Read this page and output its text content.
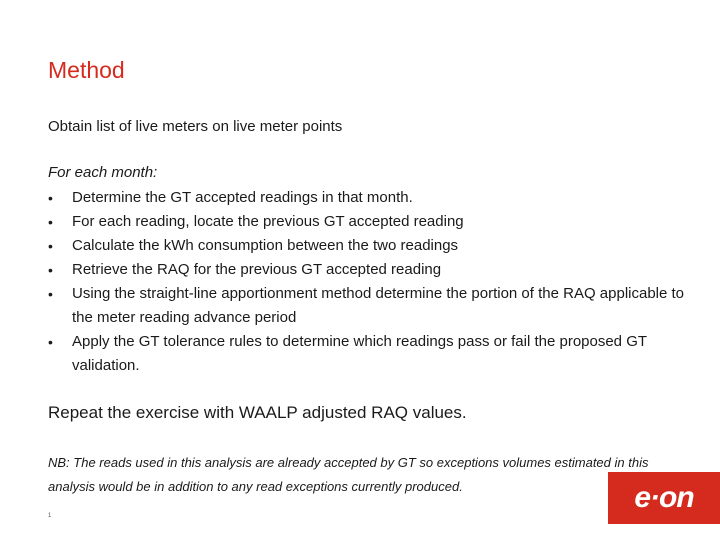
Method
Obtain list of live meters on live meter points
For each month:
•	Determine the GT accepted readings in that month.
•	For each reading, locate the previous GT accepted reading
•	Calculate the kWh consumption between the two readings
•	Retrieve the RAQ for the previous GT accepted reading
•	Using the straight-line apportionment method determine the portion of the RAQ applicable to the meter reading advance period
•	Apply the GT tolerance rules to determine which readings pass or fail the proposed GT validation.
Repeat the exercise with WAALP adjusted RAQ values.
NB: The reads used in this analysis are already accepted by GT so exceptions volumes estimated in this analysis would be in addition to any read exceptions currently produced.
1
e·on
